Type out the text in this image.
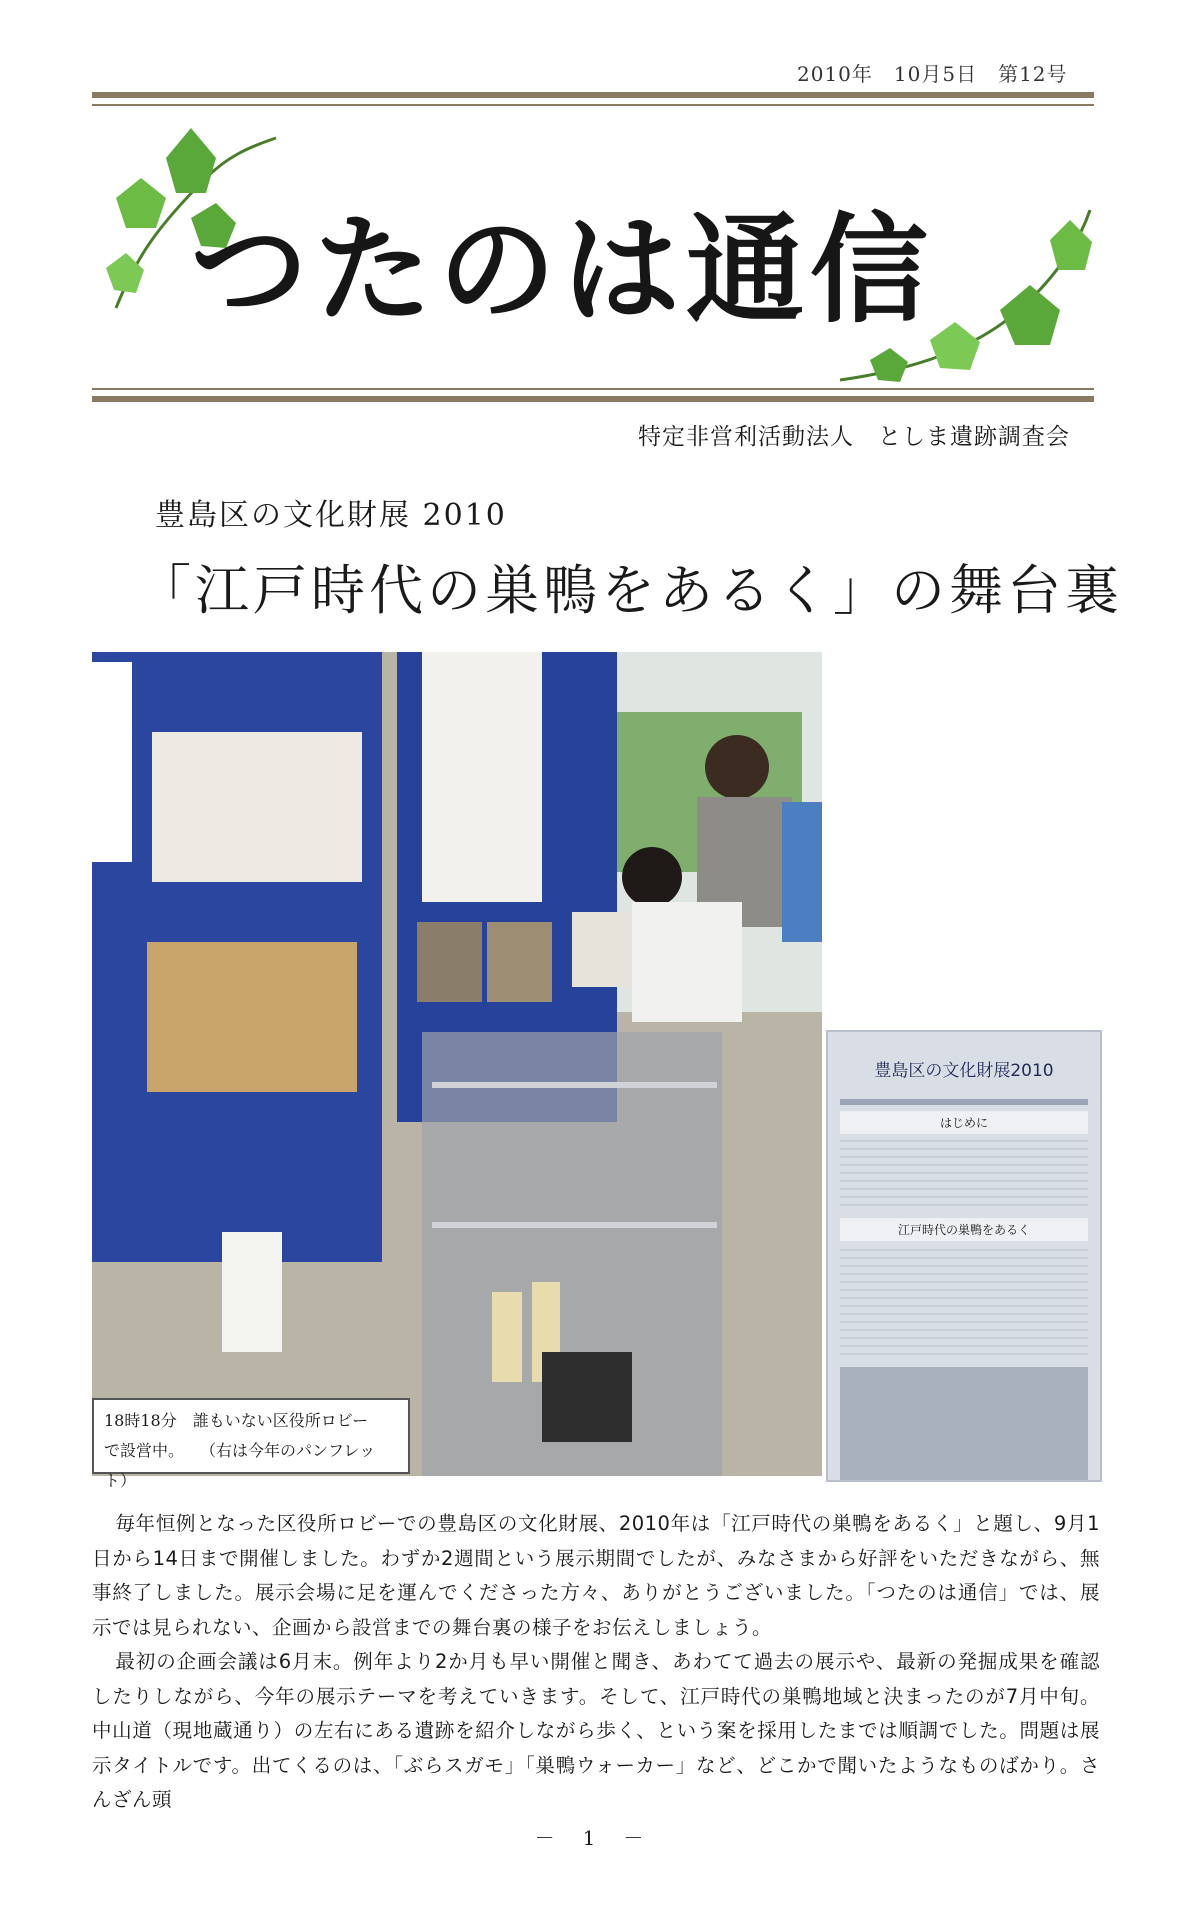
2010年　10月5日　第12号
つたのは通信
特定非営利活動法人　としま遺跡調査会
豊島区の文化財展 2010
「江戸時代の巣鴨をあるく」の舞台裏
豊島区の文化財展2010
はじめに
江戸時代の巣鴨をあるく
18時18分　誰もいない区役所ロビー
で設営中。　　（右は今年のパンフレット）

毎年恒例となった区役所ロビーでの豊島区の文化財展、2010年は「江戸時代の巣鴨をあるく」と題し、9月1日から14日まで開催しました。わずか2週間という展示期間でしたが、みなさまから好評をいただきながら、無事終了しました。展示会場に足を運んでくださった方々、ありがとうございました。「つたのは通信」では、展示では見られない、企画から設営までの舞台裏の様子をお伝えしましょう。

最初の企画会議は6月末。例年より2か月も早い開催と聞き、あわてて過去の展示や、最新の発掘成果を確認したりしながら、今年の展示テーマを考えていきます。そして、江戸時代の巣鴨地域と決まったのが7月中旬。中山道（現地蔵通り）の左右にある遺跡を紹介しながら歩く、という案を採用したまでは順調でした。問題は展示タイトルです。出てくるのは、「ぶらスガモ」「巣鴨ウォーカー」など、どこかで聞いたようなものばかり。さんざん頭

－　1　－
